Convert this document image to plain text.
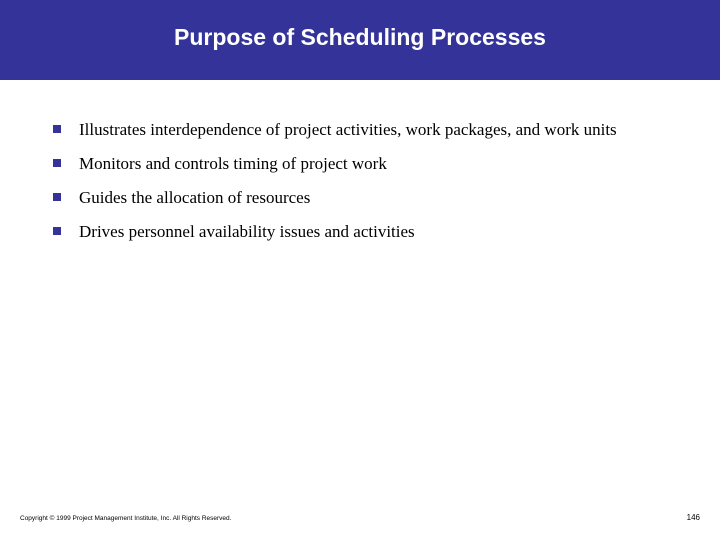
Purpose of Scheduling Processes
Illustrates interdependence of project activities, work packages, and work units
Monitors and controls timing of project work
Guides the allocation of resources
Drives personnel availability issues and activities
Copyright © 1999 Project Management Institute, Inc. All Rights Reserved.	146
